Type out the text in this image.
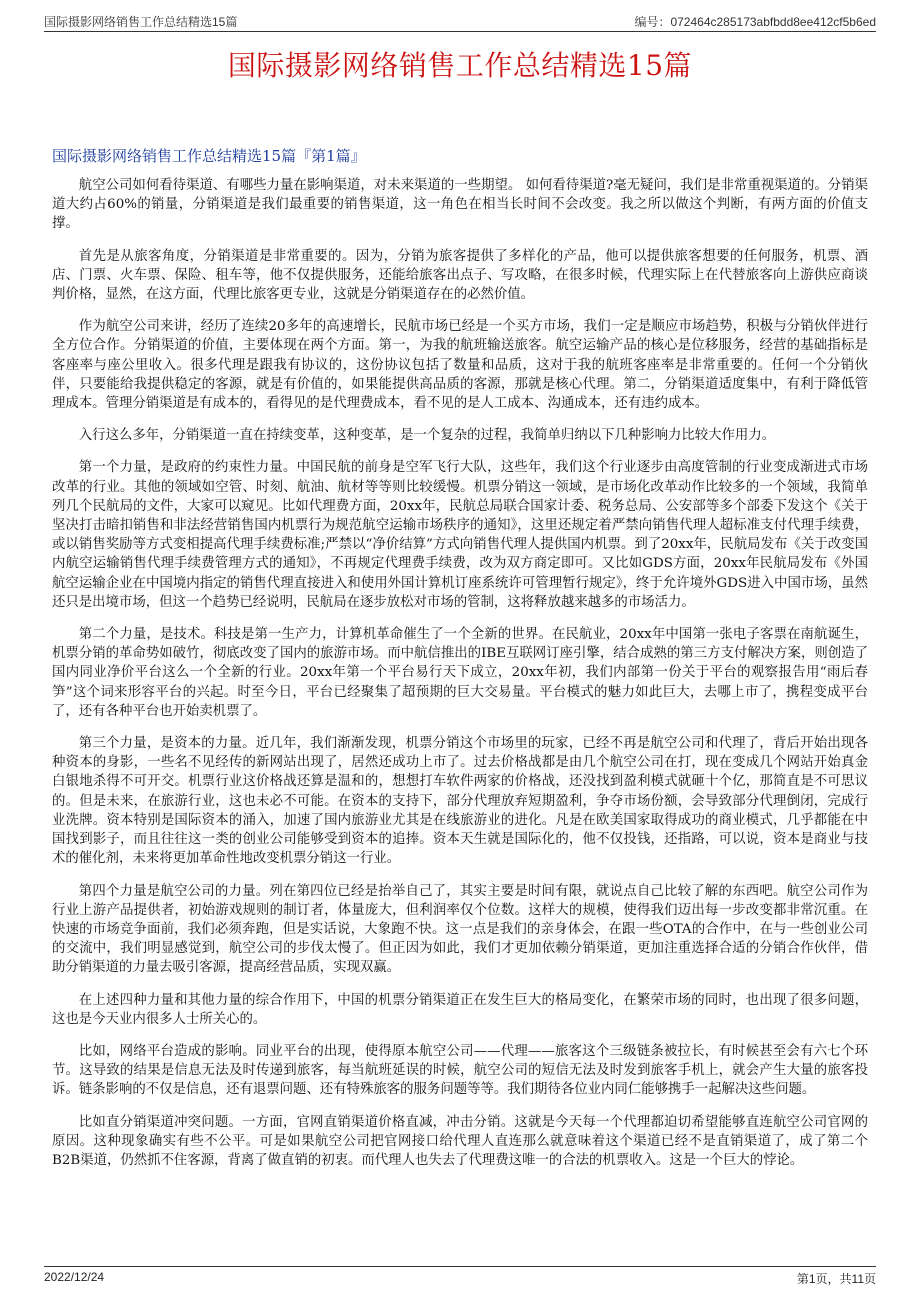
国际摄影网络销售工作总结精选15篇	编号：072464c285173abfbdd8ee412cf5b6ed
国际摄影网络销售工作总结精选15篇
国际摄影网络销售工作总结精选15篇『第1篇』

航空公司如何看待渠道、有哪些力量在影响渠道，对未来渠道的一些期望。 如何看待渠道?毫无疑问，我们是非常重视渠道的。分销渠道大约占60%的销量，分销渠道是我们最重要的销售渠道，这一角色在相当长时间不会改变。我之所以做这个判断，有两方面的价值支撑。

首先是从旅客角度，分销渠道是非常重要的。因为，分销为旅客提供了多样化的产品，他可以提供旅客想要的任何服务，机票、酒店、门票、火车票、保险、租车等，他不仅提供服务，还能给旅客出点子、写攻略，在很多时候，代理实际上在代替旅客向上游供应商谈判价格，显然，在这方面，代理比旅客更专业，这就是分销渠道存在的必然价值。

作为航空公司来讲，经历了连续20多年的高速增长，民航市场已经是一个买方市场，我们一定是顺应市场趋势，积极与分销伙伴进行全方位合作。分销渠道的价值，主要体现在两个方面。第一，为我的航班输送旅客。航空运输产品的核心是位移服务，经营的基础指标是客座率与座公里收入。很多代理是跟我有协议的，这份协议包括了数量和品质，这对于我的航班客座率是非常重要的。任何一个分销伙伴，只要能给我提供稳定的客源，就是有价值的，如果能提供高品质的客源，那就是核心代理。第二，分销渠道适度集中，有利于降低管理成本。管理分销渠道是有成本的，看得见的是代理费成本，看不见的是人工成本、沟通成本，还有违约成本。

入行这么多年，分销渠道一直在持续变革，这种变革，是一个复杂的过程，我简单归纳以下几种影响力比较大作用力。

第一个力量，是政府的约束性力量。中国民航的前身是空军飞行大队，这些年，我们这个行业逐步由高度管制的行业变成渐进式市场改革的行业。其他的领域如空管、时刻、航油、航材等等则比较缓慢。机票分销这一领域，是市场化改革动作比较多的一个领域，我简单列几个民航局的文件，大家可以窥见。比如代理费方面，20xx年，民航总局联合国家计委、税务总局、公安部等多个部委下发这个《关于坚决打击暗扣销售和非法经营销售国内机票行为规范航空运输市场秩序的通知》，这里还规定着严禁向销售代理人超标准支付代理手续费，或以销售奖励等方式变相提高代理手续费标准;严禁以“净价结算”方式向销售代理人提供国内机票。到了20xx年，民航局发布《关于改变国内航空运输销售代理手续费管理方式的通知》，不再规定代理费手续费，改为双方商定即可。又比如GDS方面，20xx年民航局发布《外国航空运输企业在中国境内指定的销售代理直接进入和使用外国计算机订座系统许可管理暂行规定》，终于允许境外GDS进入中国市场，虽然还只是出境市场，但这一个趋势已经说明，民航局在逐步放松对市场的管制，这将释放越来越多的市场活力。

第二个力量，是技术。科技是第一生产力，计算机革命催生了一个全新的世界。在民航业，20xx年中国第一张电子客票在南航诞生，机票分销的革命势如破竹，彻底改变了国内的旅游市场。而中航信推出的IBE互联网订座引擎，结合成熟的第三方支付解决方案，则创造了国内同业净价平台这么一个全新的行业。20xx年第一个平台易行天下成立，20xx年初，我们内部第一份关于平台的观察报告用“雨后春笋”这个词来形容平台的兴起。时至今日，平台已经聚集了超预期的巨大交易量。平台模式的魅力如此巨大，去哪上市了，携程变成平台了，还有各种平台也开始卖机票了。

第三个力量，是资本的力量。近几年，我们渐渐发现，机票分销这个市场里的玩家，已经不再是航空公司和代理了，背后开始出现各种资本的身影，一些名不见经传的新网站出现了，居然还成功上市了。过去价格战都是由几个航空公司在打，现在变成几个网站开始真金白银地杀得不可开交。机票行业这价格战还算是温和的，想想打车软件两家的价格战，还没找到盈利模式就砸十个亿，那简直是不可思议的。但是未来，在旅游行业，这也未必不可能。在资本的支持下，部分代理放弃短期盈利，争夺市场份额，会导致部分代理倒闭，完成行业洗牌。资本特别是国际资本的涌入，加速了国内旅游业尤其是在线旅游业的进化。凡是在欧美国家取得成功的商业模式，几乎都能在中国找到影子，而且往往这一类的创业公司能够受到资本的追捧。资本天生就是国际化的，他不仅投钱，还指路，可以说，资本是商业与技术的催化剂，未来将更加革命性地改变机票分销这一行业。

第四个力量是航空公司的力量。列在第四位已经是抬举自己了，其实主要是时间有限，就说点自己比较了解的东西吧。航空公司作为行业上游产品提供者，初始游戏规则的制订者，体量庞大，但利润率仅个位数。这样大的规模，使得我们迈出每一步改变都非常沉重。在快速的市场竞争面前，我们必须奔跑，但是实话说，大象跑不快。这一点是我们的亲身体会，在跟一些OTA的合作中，在与一些创业公司的交流中，我们明显感觉到，航空公司的步伐太慢了。但正因为如此，我们才更加依赖分销渠道，更加注重选择合适的分销合作伙伴，借助分销渠道的力量去吸引客源，提高经营品质，实现双赢。

在上述四种力量和其他力量的综合作用下，中国的机票分销渠道正在发生巨大的格局变化，在繁荣市场的同时，也出现了很多问题，这也是今天业内很多人士所关心的。

比如，网络平台造成的影响。同业平台的出现，使得原本航空公司——代理——旅客这个三级链条被拉长，有时候甚至会有六七个环节。这导致的结果是信息无法及时传递到旅客，每当航班延误的时候，航空公司的短信无法及时发到旅客手机上，就会产生大量的旅客投诉。链条影响的不仅是信息，还有退票问题、还有特殊旅客的服务问题等等。我们期待各位业内同仁能够携手一起解决这些问题。

比如直分销渠道冲突问题。一方面，官网直销渠道价格直减，冲击分销。这就是今天每一个代理都迫切希望能够直连航空公司官网的原因。这种现象确实有些不公平。可是如果航空公司把官网接口给代理人直连那么就意味着这个渠道已经不是直销渠道了，成了第二个B2B渠道，仍然抓不住客源，背离了做直销的初衷。而代理人也失去了代理费这唯一的合法的机票收入。这是一个巨大的悖论。

2022/12/24	第1页，共11页
